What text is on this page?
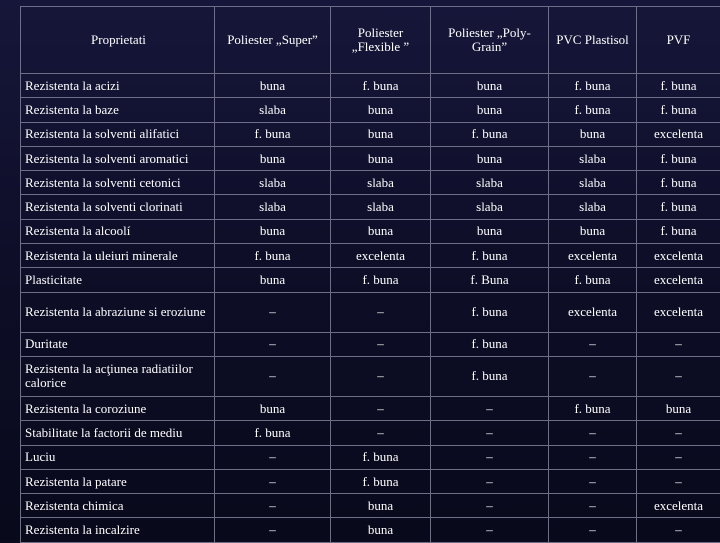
Proprietati	Poliester „Super”	Poliester „Flexible ”	Poliester „Poly-Grain”	PVC Plastisol	PVF
Rezistenta la acizi	buna	f. buna	buna	f. buna	f. buna
Rezistenta la baze	slaba	buna	buna	f. buna	f. buna
Rezistenta la solventi alifatici	f. buna	buna	f. buna	buna	excelenta
Rezistenta la solventi aromatici	buna	buna	buna	slaba	f. buna
Rezistenta la solventi cetonici	slaba	slaba	slaba	slaba	f. buna
Rezistenta la solventi clorinati	slaba	slaba	slaba	slaba	f. buna
Rezistenta la alcoolí	buna	buna	buna	buna	f. buna
Rezistenta la uleiuri minerale	f. buna	excelenta	f. buna	excelenta	excelenta
Plasticitate	buna	f. buna	f. Buna	f. buna	excelenta
Rezistenta la abraziune si eroziune	–	–	f. buna	excelenta	excelenta
Duritate	–	–	f. buna	–	–
Rezistenta la acţiunea radiatiilor calorice	–	–	f. buna	–	–
Rezistenta la coroziune	buna	–	–	f. buna	buna
Stabilitate la factorii de mediu	f. buna	–	–	–	–
Luciu	–	f. buna	–	–	–
Rezistenta la patare	–	f. buna	–	–	–
Rezistenta chimica	–	buna	–	–	excelenta
Rezistenta la incalzire	–	buna	–	–	–
